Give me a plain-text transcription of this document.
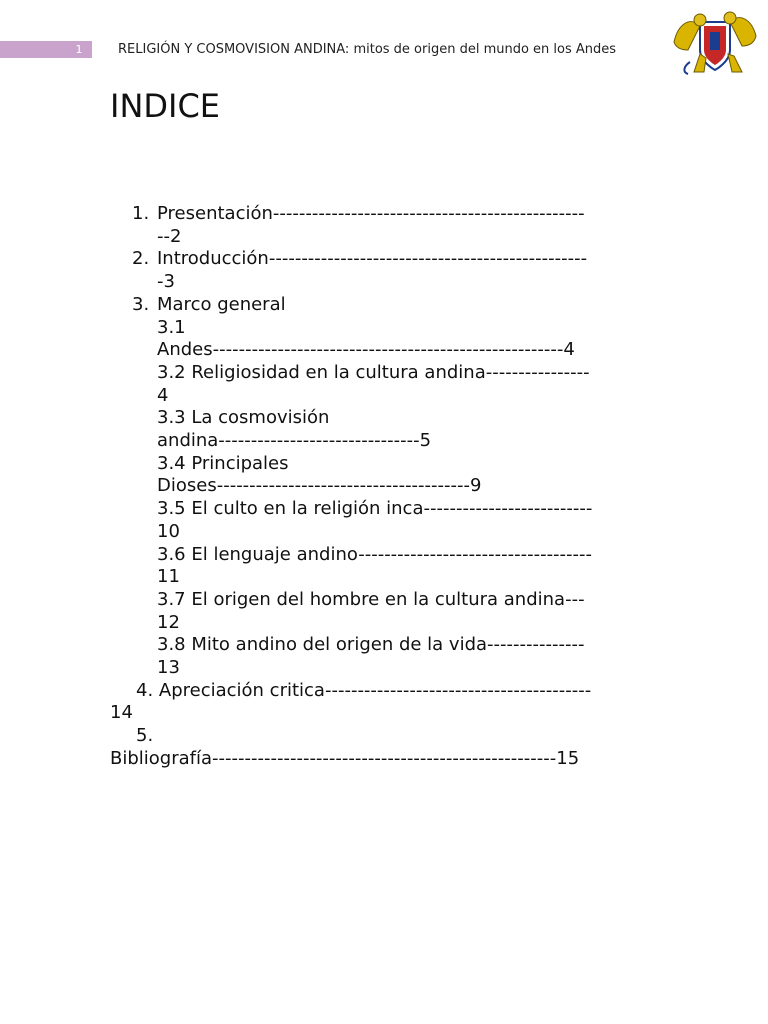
1	RELIGIÓN Y COSMOVISION ANDINA: mitos de origen del mundo en los Andes
INDICE
1. Presentación------------------------------------------------
--2
2. Introducción-------------------------------------------------
-3
3. Marco general
3.1
Andes------------------------------------------------------4
3.2 Religiosidad en la cultura andina----------------
4
3.3 La cosmovisión
andina-------------------------------5
3.4 Principales
Dioses---------------------------------------9
3.5 El culto en la religión inca--------------------------
10
3.6 El lenguaje andino------------------------------------
11
3.7 El origen del hombre en la cultura andina---
12
3.8 Mito andino del origen de la vida---------------
13
4. Apreciación critica-----------------------------------------
14
5.
Bibliografía-----------------------------------------------------15
